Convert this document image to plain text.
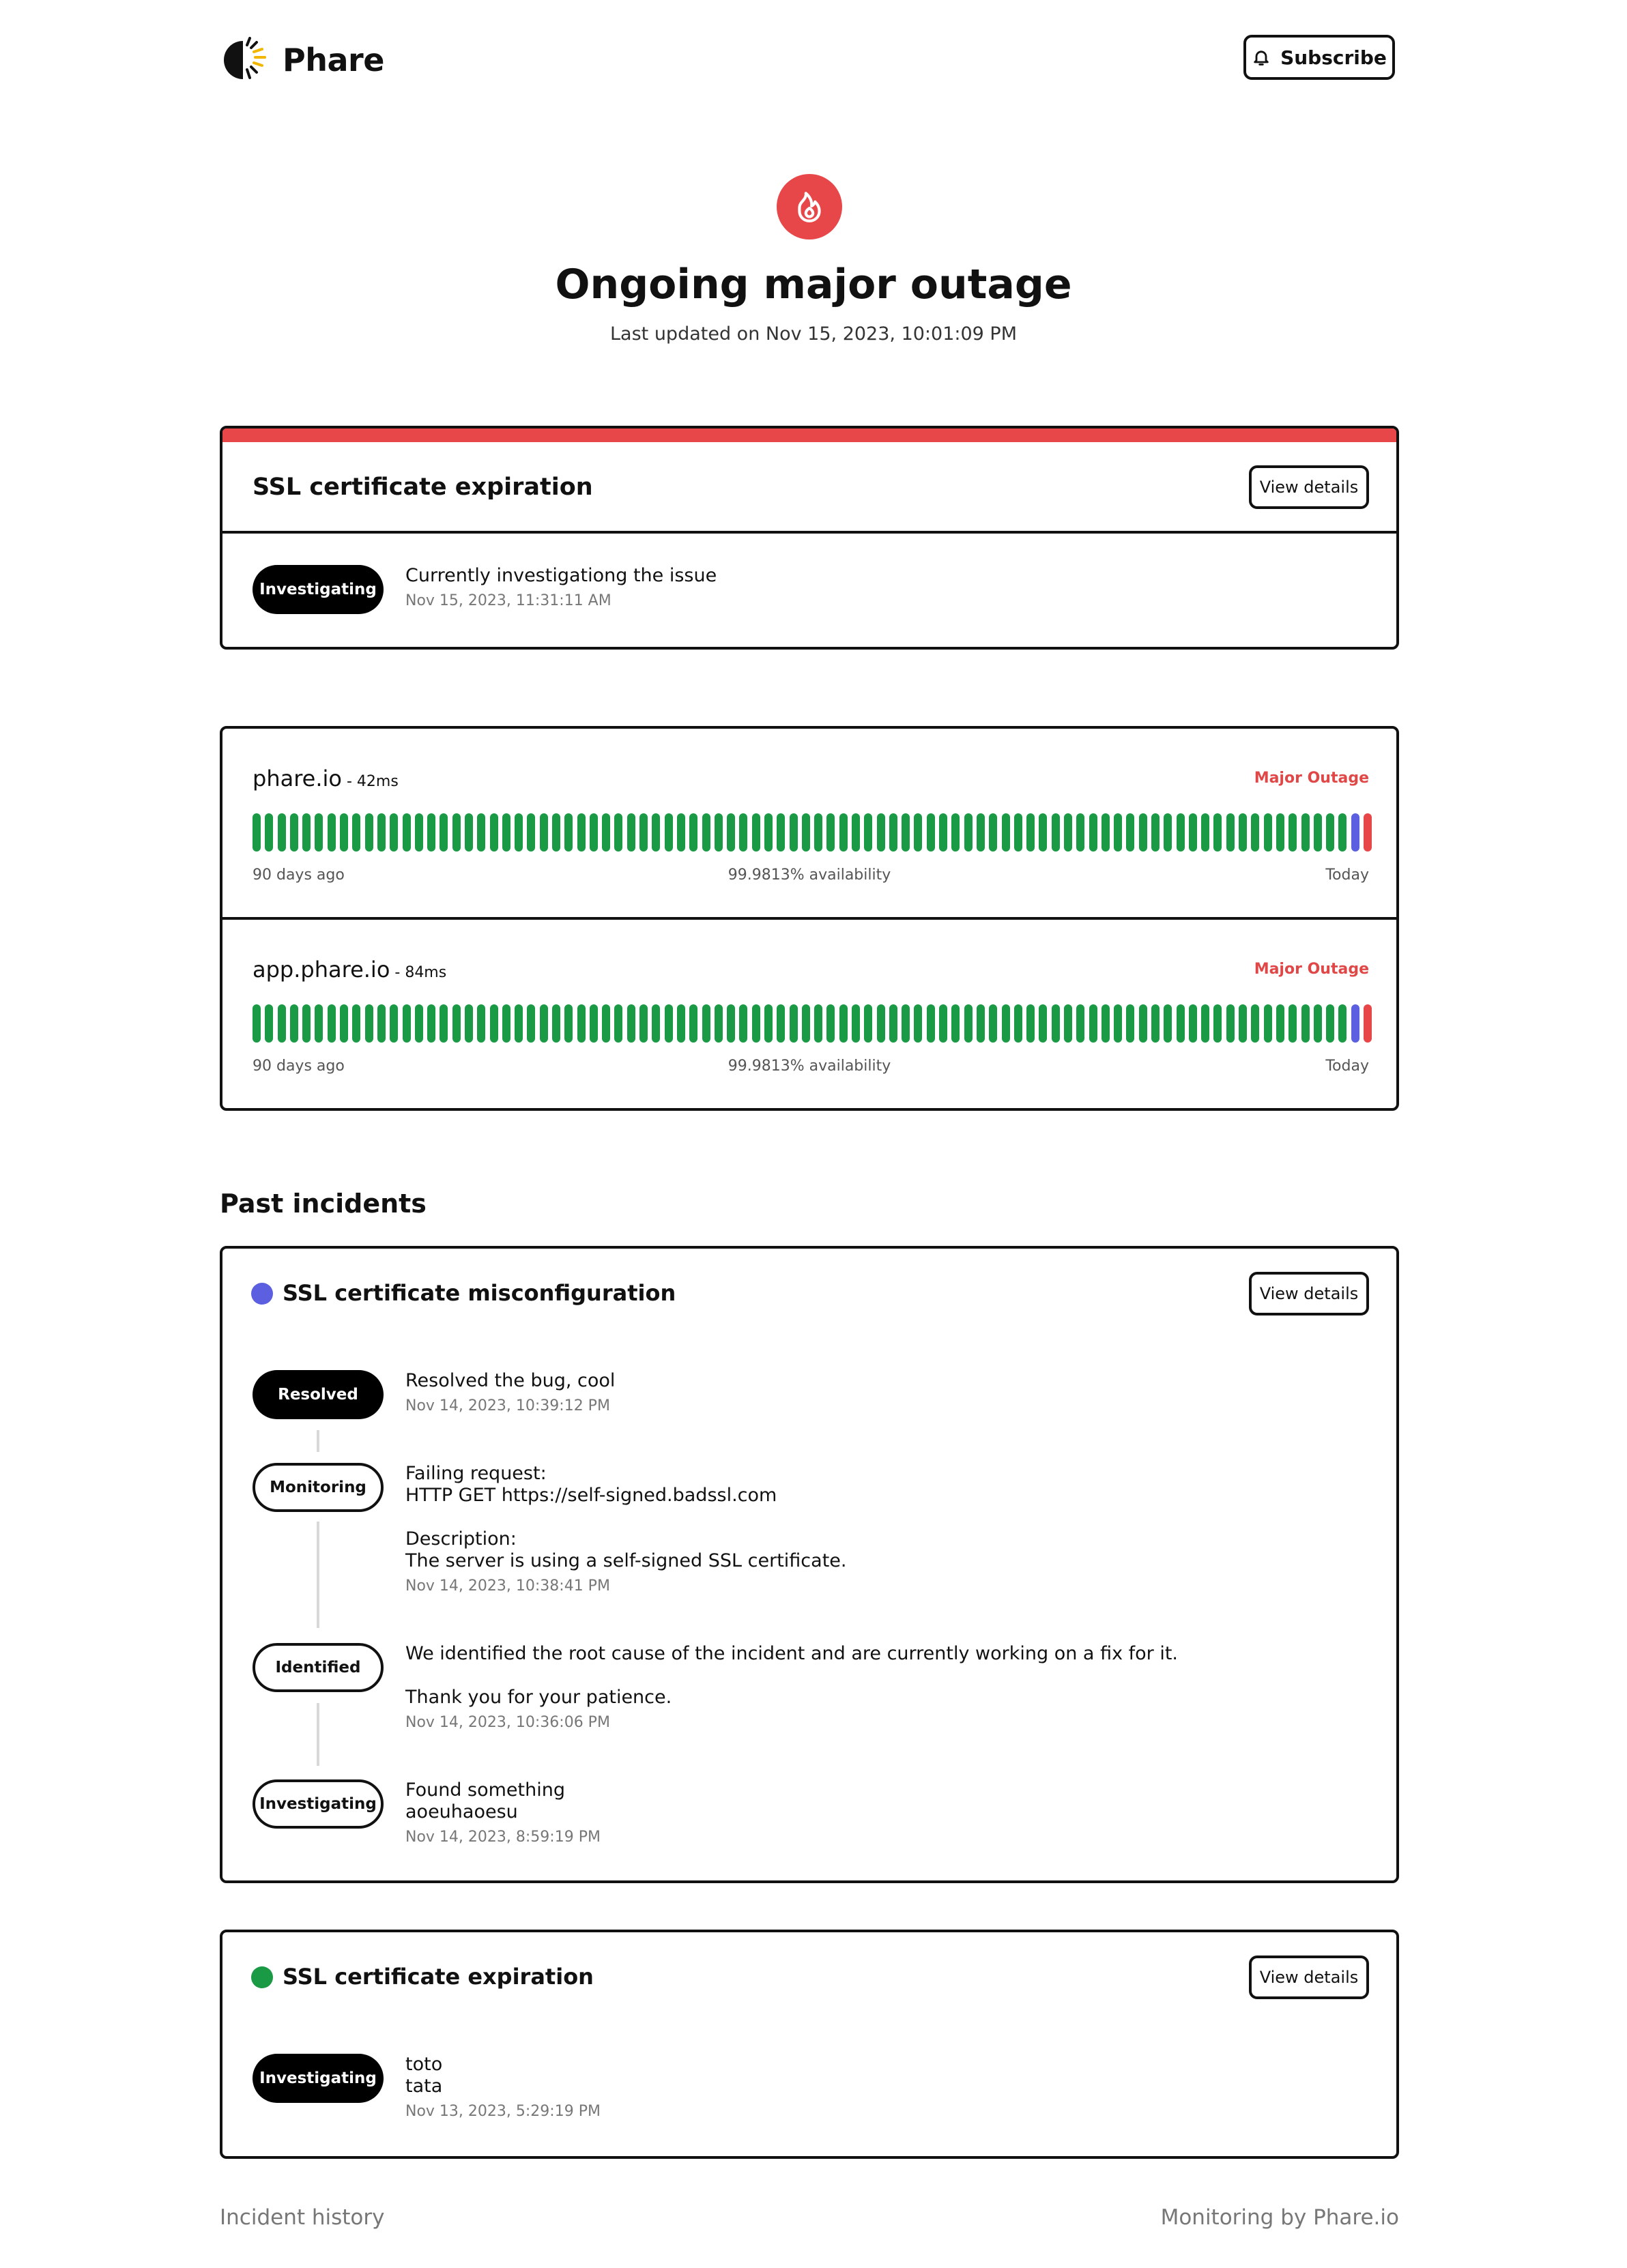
Phare	Subscribe
Ongoing major outage
Last updated on Nov 15, 2023, 10:01:09 PM
SSL certificate expiration	View details
Investigating
Currently investigationg the issue
Nov 15, 2023, 11:31:11 AM
phare.io - 42ms	Major Outage
90 days ago	99.9813% availability	Today
app.phare.io - 84ms	Major Outage
90 days ago	99.9813% availability	Today
Past incidents
SSL certificate misconfiguration	View details
Resolved
Resolved the bug, cool
Nov 14, 2023, 10:39:12 PM
Monitoring
Failing request:
HTTP GET https://self-signed.badssl.com
Description:
The server is using a self-signed SSL certificate.
Nov 14, 2023, 10:38:41 PM
Identified
We identified the root cause of the incident and are currently working on a fix for it.
Thank you for your patience.
Nov 14, 2023, 10:36:06 PM
Investigating
Found something
aoeuhaoesu
Nov 14, 2023, 8:59:19 PM
SSL certificate expiration	View details
Investigating
toto
tata
Nov 13, 2023, 5:29:19 PM
Incident history	Monitoring by Phare.io
